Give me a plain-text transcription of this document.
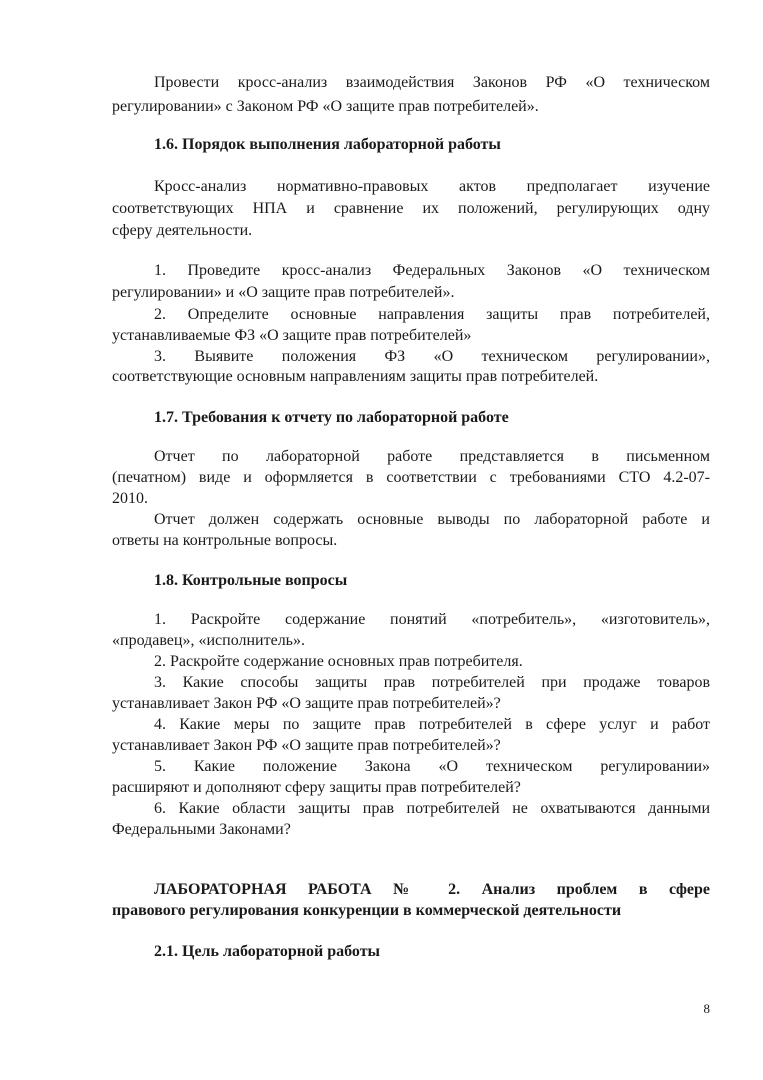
Провести кросс-анализ взаимодействия Законов РФ «О техническом
регулировании» с Законом РФ «О защите прав потребителей».
1.6. Порядок выполнения лабораторной работы
Кросс-анализ нормативно-правовых актов предполагает изучение
соответствующих НПА и сравнение их положений, регулирующих одну
сферу деятельности.
1. Проведите кросс-анализ Федеральных Законов «О техническом
регулировании» и «О защите прав потребителей».
2. Определите основные направления защиты прав потребителей,
устанавливаемые ФЗ «О защите прав потребителей»
3. Выявите положения ФЗ «О техническом регулировании»,
соответствующие основным направлениям защиты прав потребителей.
1.7. Требования к отчету по лабораторной работе
Отчет по лабораторной работе представляется в письменном
(печатном) виде и оформляется в соответствии с требованиями СТО 4.2-07-
2010.
Отчет должен содержать основные выводы по лабораторной работе и
ответы на контрольные вопросы.
1.8. Контрольные вопросы
1. Раскройте содержание понятий «потребитель», «изготовитель»,
«продавец», «исполнитель».
2. Раскройте содержание основных прав потребителя.
3. Какие способы защиты прав потребителей при продаже товаров
устанавливает Закон РФ «О защите прав потребителей»?
4. Какие меры по защите прав потребителей в сфере услуг и работ
устанавливает Закон РФ «О защите прав потребителей»?
5. Какие положение Закона «О техническом регулировании»
расширяют и дополняют сферу защиты прав потребителей?
6. Какие области защиты прав потребителей не охватываются данными
Федеральными Законами?
ЛАБОРАТОРНАЯ РАБОТА № 2. Анализ проблем в сфере
правового регулирования конкуренции в коммерческой деятельности
2.1. Цель лабораторной работы
8
